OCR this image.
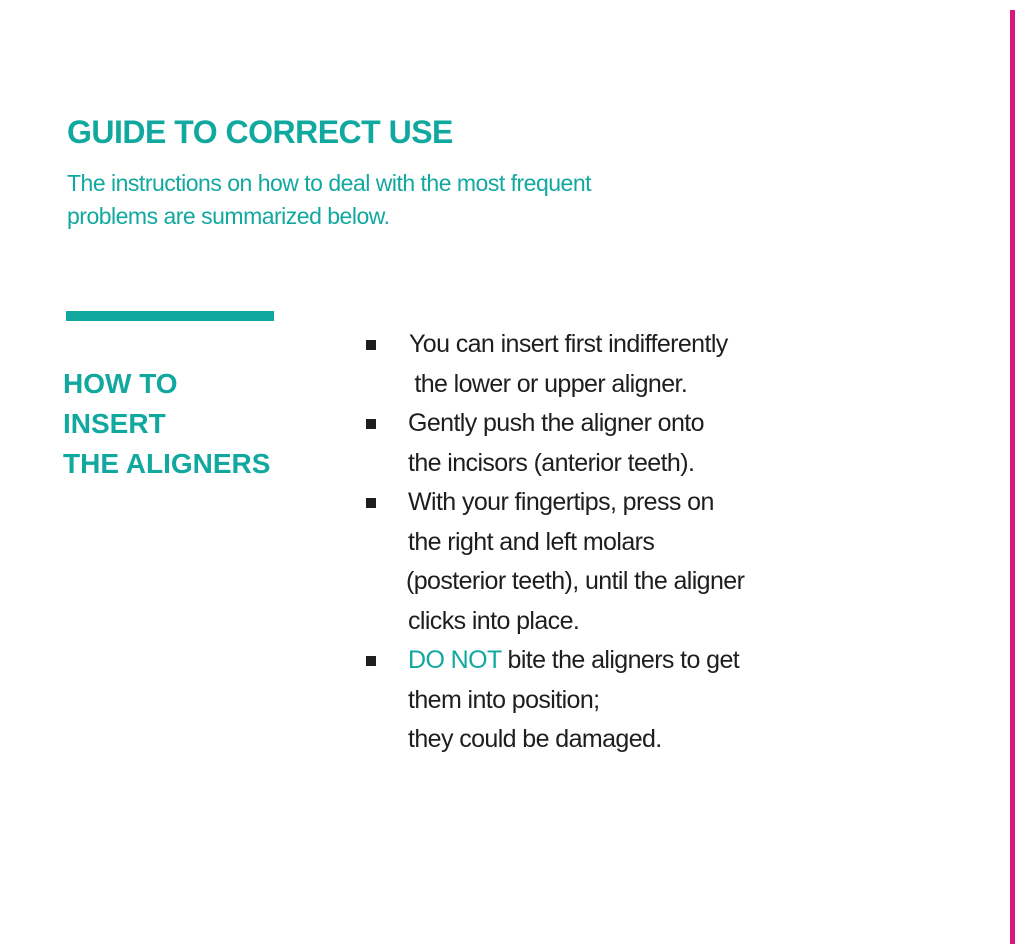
GUIDE TO CORRECT USE

The instructions on how to deal with the most frequent
problems are summarized below.

HOW TO
INSERT
THE ALIGNERS
You can insert first indifferently
the lower or upper aligner.
Gently push the aligner onto
the incisors (anterior teeth).
With your fingertips, press on
the right and left molars
(posterior teeth), until the aligner
clicks into place.
DO NOT bite the aligners to get
them into position;
they could be damaged.
